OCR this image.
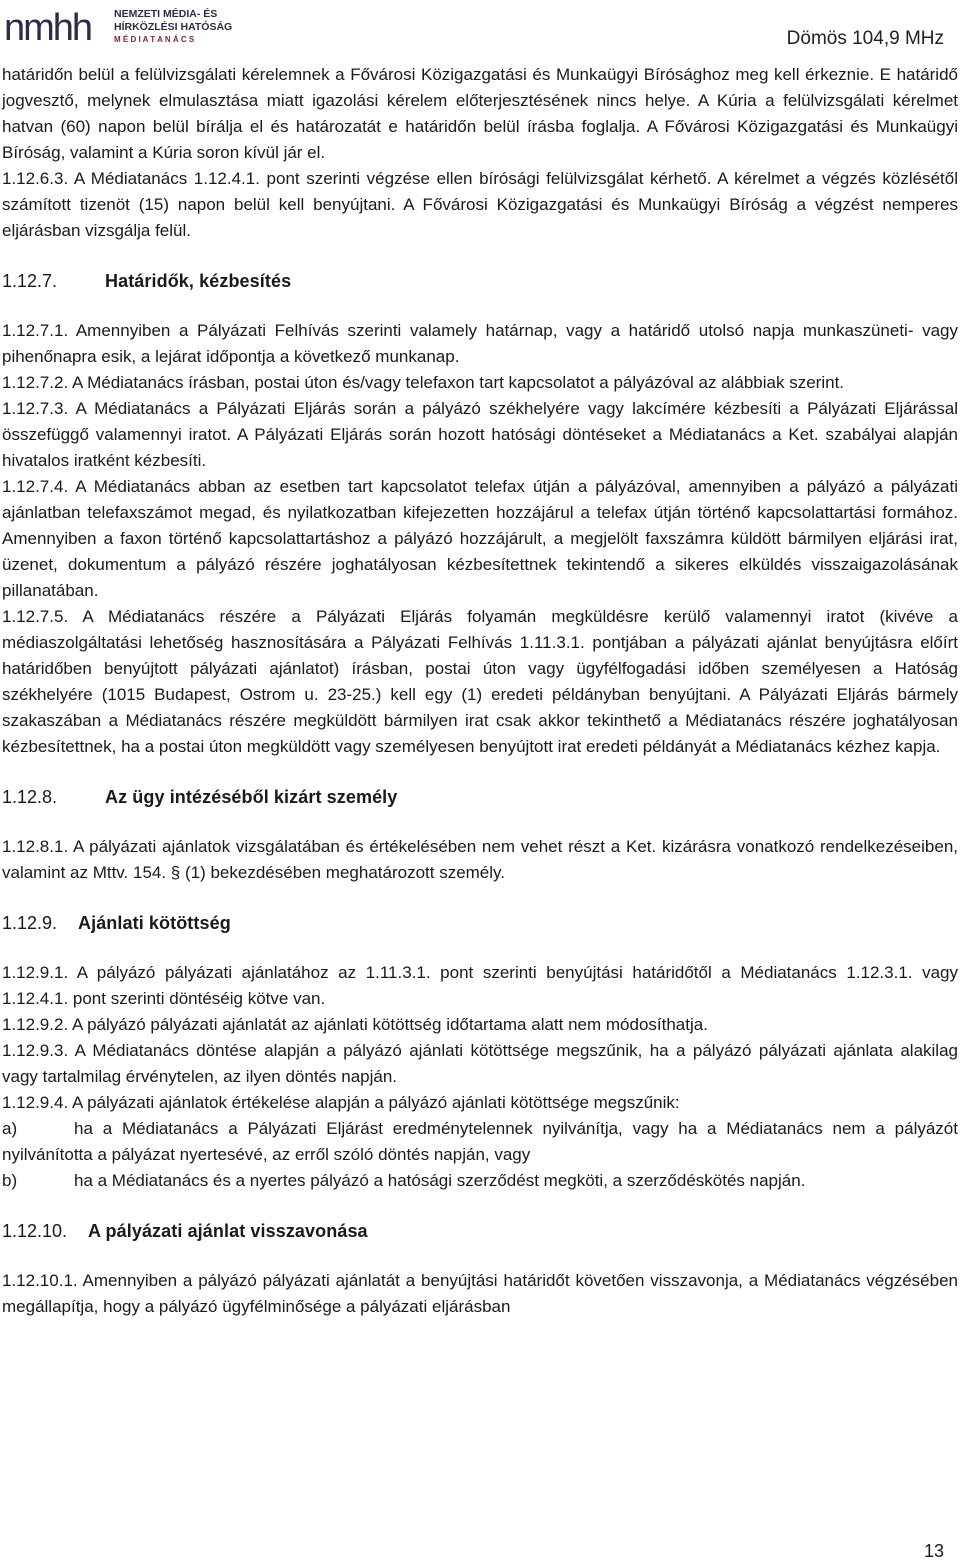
nmhh NEMZETI MÉDIA- ÉS
HÍRKÖZLÉSI HATÓSÁG
M É D I A T A N Á C S	Dömös 104,9 MHz

határidőn belül a felülvizsgálati kérelemnek a Fővárosi Közigazgatási és Munkaügyi Bírósághoz meg kell érkeznie. E határidő jogvesztő, melynek elmulasztása miatt igazolási kérelem előterjesztésének nincs helye. A Kúria a felülvizsgálati kérelmet hatvan (60) napon belül bírálja el és határozatát e határidőn belül írásba foglalja. A Fővárosi Közigazgatási és Munkaügyi Bíróság, valamint a Kúria soron kívül jár el.

1.12.6.3. A Médiatanács 1.12.4.1. pont szerinti végzése ellen bírósági felülvizsgálat kérhető. A kérelmet a végzés közlésétől számított tizenöt (15) napon belül kell benyújtani. A Fővárosi Közigazgatási és Munkaügyi Bíróság a végzést nemperes eljárásban vizsgálja felül.

1.12.7.	Határidők, kézbesítés

1.12.7.1. Amennyiben a Pályázati Felhívás szerinti valamely határnap, vagy a határidő utolsó napja munkaszüneti- vagy pihenőnapra esik, a lejárat időpontja a következő munkanap.

1.12.7.2. A Médiatanács írásban, postai úton és/vagy telefaxon tart kapcsolatot a pályázóval az alábbiak szerint.

1.12.7.3. A Médiatanács a Pályázati Eljárás során a pályázó székhelyére vagy lakcímére kézbesíti a Pályázati Eljárással összefüggő valamennyi iratot. A Pályázati Eljárás során hozott hatósági döntéseket a Médiatanács a Ket. szabályai alapján hivatalos iratként kézbesíti.

1.12.7.4. A Médiatanács abban az esetben tart kapcsolatot telefax útján a pályázóval, amennyiben a pályázó a pályázati ajánlatban telefaxszámot megad, és nyilatkozatban kifejezetten hozzájárul a telefax útján történő kapcsolattartási formához. Amennyiben a faxon történő kapcsolattartáshoz a pályázó hozzájárult, a megjelölt faxszámra küldött bármilyen eljárási irat, üzenet, dokumentum a pályázó részére joghatályosan kézbesítettnek tekintendő a sikeres elküldés visszaigazolásának pillanatában.

1.12.7.5. A Médiatanács részére a Pályázati Eljárás folyamán megküldésre kerülő valamennyi iratot (kivéve a médiaszolgáltatási lehetőség hasznosítására a Pályázati Felhívás 1.11.3.1. pontjában a pályázati ajánlat benyújtásra előírt határidőben benyújtott pályázati ajánlatot) írásban, postai úton vagy ügyfélfogadási időben személyesen a Hatóság székhelyére (1015 Budapest, Ostrom u. 23-25.) kell egy (1) eredeti példányban benyújtani. A Pályázati Eljárás bármely szakaszában a Médiatanács részére megküldött bármilyen irat csak akkor tekinthető a Médiatanács részére joghatályosan kézbesítettnek, ha a postai úton megküldött vagy személyesen benyújtott irat eredeti példányát a Médiatanács kézhez kapja.

1.12.8.	Az ügy intézéséből kizárt személy

1.12.8.1. A pályázati ajánlatok vizsgálatában és értékelésében nem vehet részt a Ket. kizárásra vonatkozó rendelkezéseiben, valamint az Mttv. 154. § (1) bekezdésében meghatározott személy.

1.12.9.	Ajánlati kötöttség

1.12.9.1. A pályázó pályázati ajánlatához az 1.11.3.1. pont szerinti benyújtási határidőtől a Médiatanács 1.12.3.1. vagy 1.12.4.1. pont szerinti döntéséig kötve van.

1.12.9.2. A pályázó pályázati ajánlatát az ajánlati kötöttség időtartama alatt nem módosíthatja.

1.12.9.3. A Médiatanács döntése alapján a pályázó ajánlati kötöttsége megszűnik, ha a pályázó pályázati ajánlata alakilag vagy tartalmilag érvénytelen, az ilyen döntés napján.

1.12.9.4. A pályázati ajánlatok értékelése alapján a pályázó ajánlati kötöttsége megszűnik:

a)	ha a Médiatanács a Pályázati Eljárást eredménytelennek nyilvánítja, vagy ha a Médiatanács nem a pályázót nyilvánította a pályázat nyertesévé, az erről szóló döntés napján, vagy

b)	ha a Médiatanács és a nyertes pályázó a hatósági szerződést megköti, a szerződéskötés napján.

1.12.10.	A pályázati ajánlat visszavonása

1.12.10.1. Amennyiben a pályázó pályázati ajánlatát a benyújtási határidőt követően visszavonja, a Médiatanács végzésében megállapítja, hogy a pályázó ügyfélminősége a pályázati eljárásban

13
